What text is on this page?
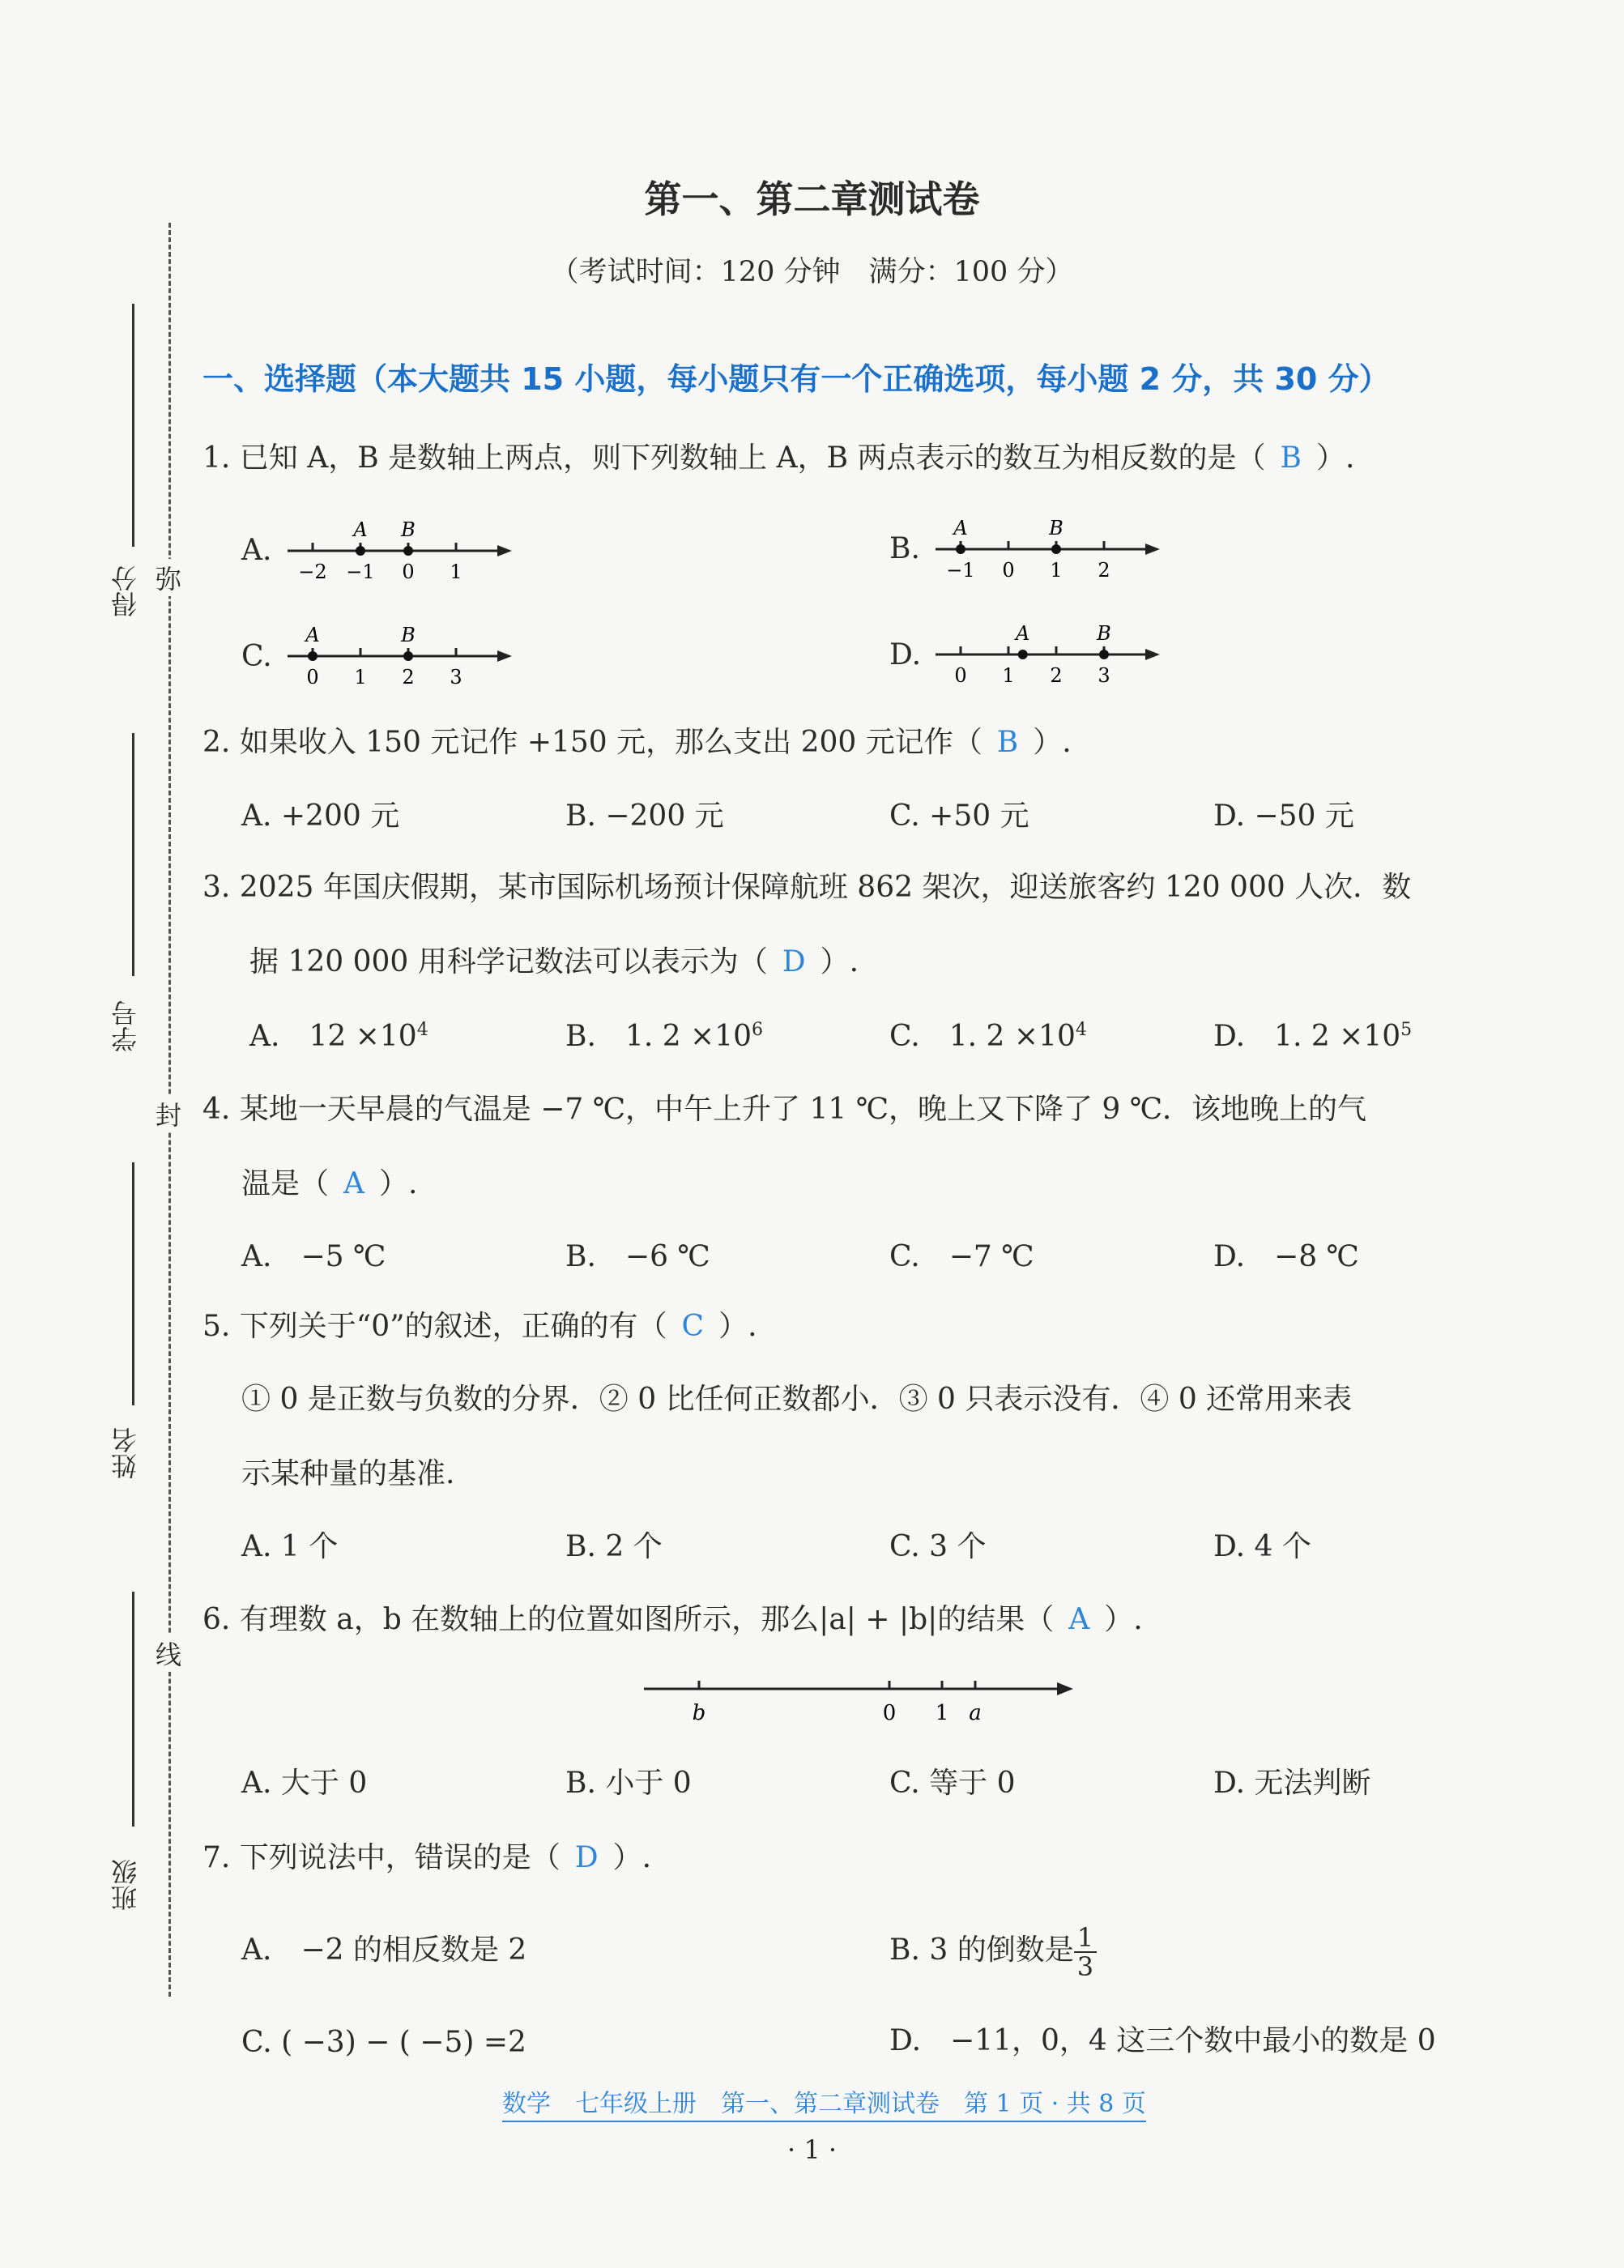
第一、第二章测试卷
（考试时间：120 分钟　满分：100 分）
得分
学号
姓名
班级
弥
封
线
一、选择题（本大题共 15 小题，每小题只有一个正确选项，每小题 2 分，共 30 分）
1. 已知 A，B 是数轴上两点，则下列数轴上 A，B 两点表示的数互为相反数的是（ B ）.
A.
−2 −1 0 1
A B
B.
−1 0 1 2
A	B
C.
0 1 2 3
A	B
D.
0 1 2 3
A	B
2. 如果收入 150 元记作 +150 元，那么支出 200 元记作（ B ）.
A. +200 元	B. −200 元	C. +50 元	D. −50 元
3. 2025 年国庆假期，某市国际机场预计保障航班 862 架次，迎送旅客约 120 000 人次．数
据 120 000 用科学记数法可以表示为（ D ）.
A.　 $12 \times 10^4$	B.　 1. $2 \times 10^6$	C.　 1. $2 \times 10^4$	D.　 1. $2 \times 10^5$
4. 某地一天早晨的气温是 −7 ℃，中午上升了 11 ℃，晚上又下降了 9 ℃．该地晚上的气
温是（ A ）.
A.　−5 ℃	B.　−6 ℃	C.　−7 ℃	D.　−8 ℃
5. 下列关于“0”的叙述，正确的有（ C ）.
① 0 是正数与负数的分界．② 0 比任何正数都小．③ 0 只表示没有．④ 0 还常用来表
示某种量的基准.
A. 1 个	B. 2 个	C. 3 个	D. 4 个
6. 有理数 a，b 在数轴上的位置如图所示，那么|a| + |b|的结果（ A ）.
b	0 1 a
A. 大于 0	B. 小于 0	C. 等于 0	D. 无法判断
7. 下列说法中，错误的是（ D ）.
A.　−2 的相反数是 2	B. 3 的倒数是 $\frac{1}{3}$
C. ( −3) − ( −5) =2	D.　−11，0，4 这三个数中最小的数是 0
数学　七年级上册　第一、第二章测试卷　第 1 页 · 共 8 页
· 1 ·
